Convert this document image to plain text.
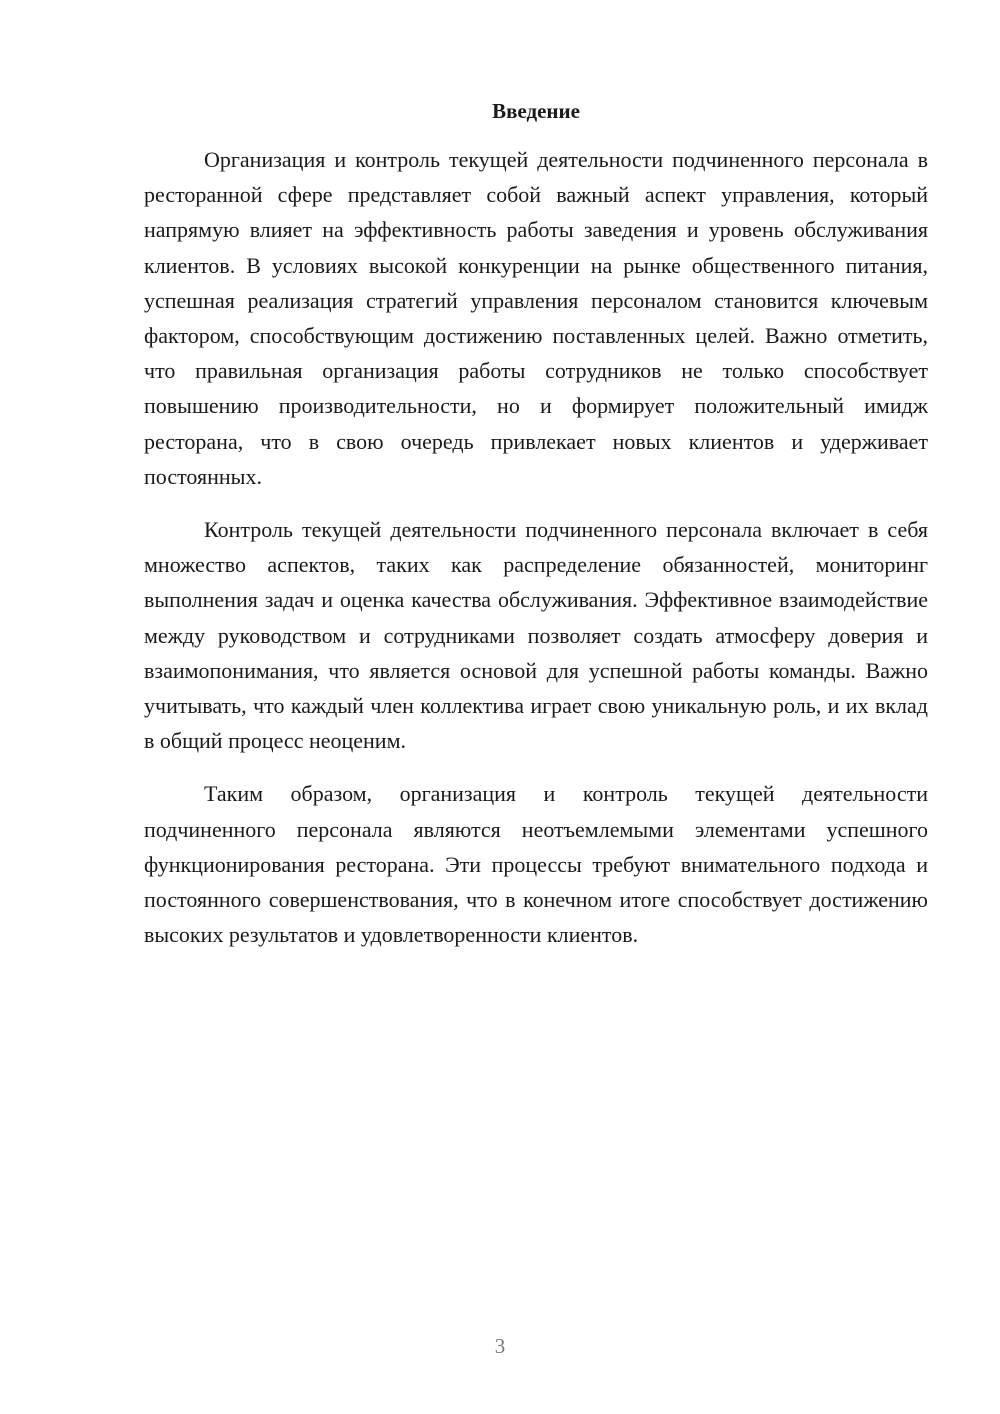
Введение

Организация и контроль текущей деятельности подчиненного персонала в ресторанной сфере представляет собой важный аспект управления, который напрямую влияет на эффективность работы заведения и уровень обслуживания клиентов. В условиях высокой конкуренции на рынке общественного питания, успешная реализация стратегий управления персоналом становится ключевым фактором, способствующим достижению поставленных целей. Важно отметить, что правильная организация работы сотрудников не только способствует повышению производительности, но и формирует положительный имидж ресторана, что в свою очередь привлекает новых клиентов и удерживает постоянных.

Контроль текущей деятельности подчиненного персонала включает в себя множество аспектов, таких как распределение обязанностей, мониторинг выполнения задач и оценка качества обслуживания. Эффективное взаимодействие между руководством и сотрудниками позволяет создать атмосферу доверия и взаимопонимания, что является основой для успешной работы команды. Важно учитывать, что каждый член коллектива играет свою уникальную роль, и их вклад в общий процесс неоценим.

Таким образом, организация и контроль текущей деятельности подчиненного персонала являются неотъемлемыми элементами успешного функционирования ресторана. Эти процессы требуют внимательного подхода и постоянного совершенствования, что в конечном итоге способствует достижению высоких результатов и удовлетворенности клиентов.

3
